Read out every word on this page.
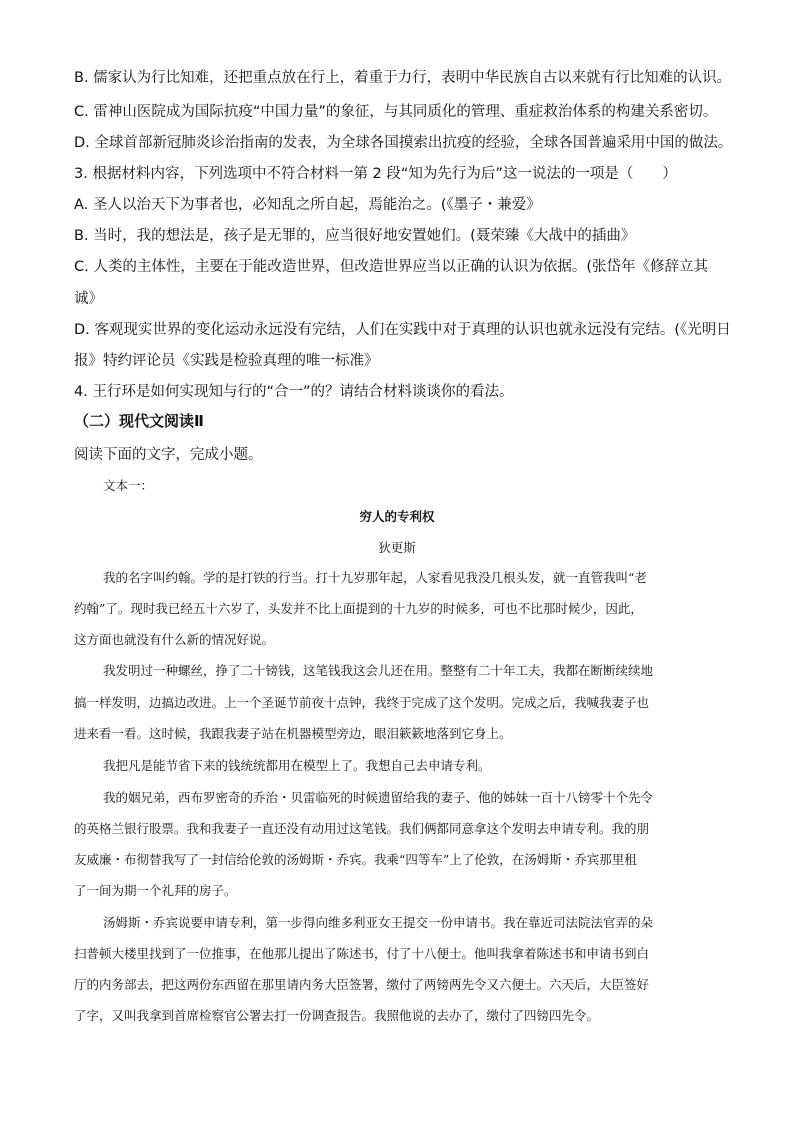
B. 儒家认为行比知难，还把重点放在行上，着重于力行，表明中华民族自古以来就有行比知难的认识。
C. 雷神山医院成为国际抗疫“中国力量”的象征，与其同质化的管理、重症救治体系的构建关系密切。
D. 全球首部新冠肺炎诊治指南的发表，为全球各国摸索出抗疫的经验，全球各国普遍采用中国的做法。
3. 根据材料内容，下列选项中不符合材料一第 2 段“知为先行为后”这一说法的一项是（　　）
A. 圣人以治天下为事者也，必知乱之所自起，焉能治之。(《墨子・兼爱》
B. 当时，我的想法是，孩子是无罪的，应当很好地安置她们。(聂荣臻《大战中的插曲》
C. 人类的主体性，主要在于能改造世界，但改造世界应当以正确的认识为依据。(张岱年《修辞立其
诚》
D. 客观现实世界的变化运动永远没有完结，人们在实践中对于真理的认识也就永远没有完结。(《光明日
报》特约评论员《实践是检验真理的唯一标准》
4. 王行环是如何实现知与行的“合一”的？请结合材料谈谈你的看法。
（二）现代文阅读Ⅱ
阅读下面的文字，完成小题。
文本一：
穷人的专利权
狄更斯
我的名字叫约翰。学的是打铁的行当。打十九岁那年起，人家看见我没几根头发，就一直管我叫“老
约翰”了。现时我已经五十六岁了，头发并不比上面提到的十九岁的时候多，可也不比那时候少，因此，
这方面也就没有什么新的情况好说。
我发明过一种螺丝，挣了二十镑钱，这笔钱我这会儿还在用。整整有二十年工夫，我都在断断续续地
搞一样发明，边搞边改进。上一个圣诞节前夜十点钟，我终于完成了这个发明。完成之后，我喊我妻子也
进来看一看。这时候，我跟我妻子站在机器模型旁边，眼泪簌簌地落到它身上。
我把凡是能节省下来的钱统统都用在模型上了。我想自己去申请专利。
我的姻兄弟，西布罗密奇的乔治・贝雷临死的时候遗留给我的妻子、他的姊妹一百十八镑零十个先令
的英格兰银行股票。我和我妻子一直还没有动用过这笔钱。我们俩都同意拿这个发明去申请专利。我的朋
友威廉・布彻替我写了一封信给伦敦的汤姆斯・乔宾。我乘“四等车”上了伦敦，在汤姆斯・乔宾那里租
了一间为期一个礼拜的房子。
汤姆斯・乔宾说要申请专利，第一步得向维多利亚女王提交一份申请书。我在靠近司法院法官弄的朵
扫普顿大楼里找到了一位推事，在他那儿提出了陈述书，付了十八便士。他叫我拿着陈述书和申请书到白
厅的内务部去，把这两份东西留在那里请内务大臣签署，缴付了两镑两先令又六便士。六天后，大臣签好
了字，又叫我拿到首席检察官公署去打一份调查报告。我照他说的去办了，缴付了四镑四先令。
